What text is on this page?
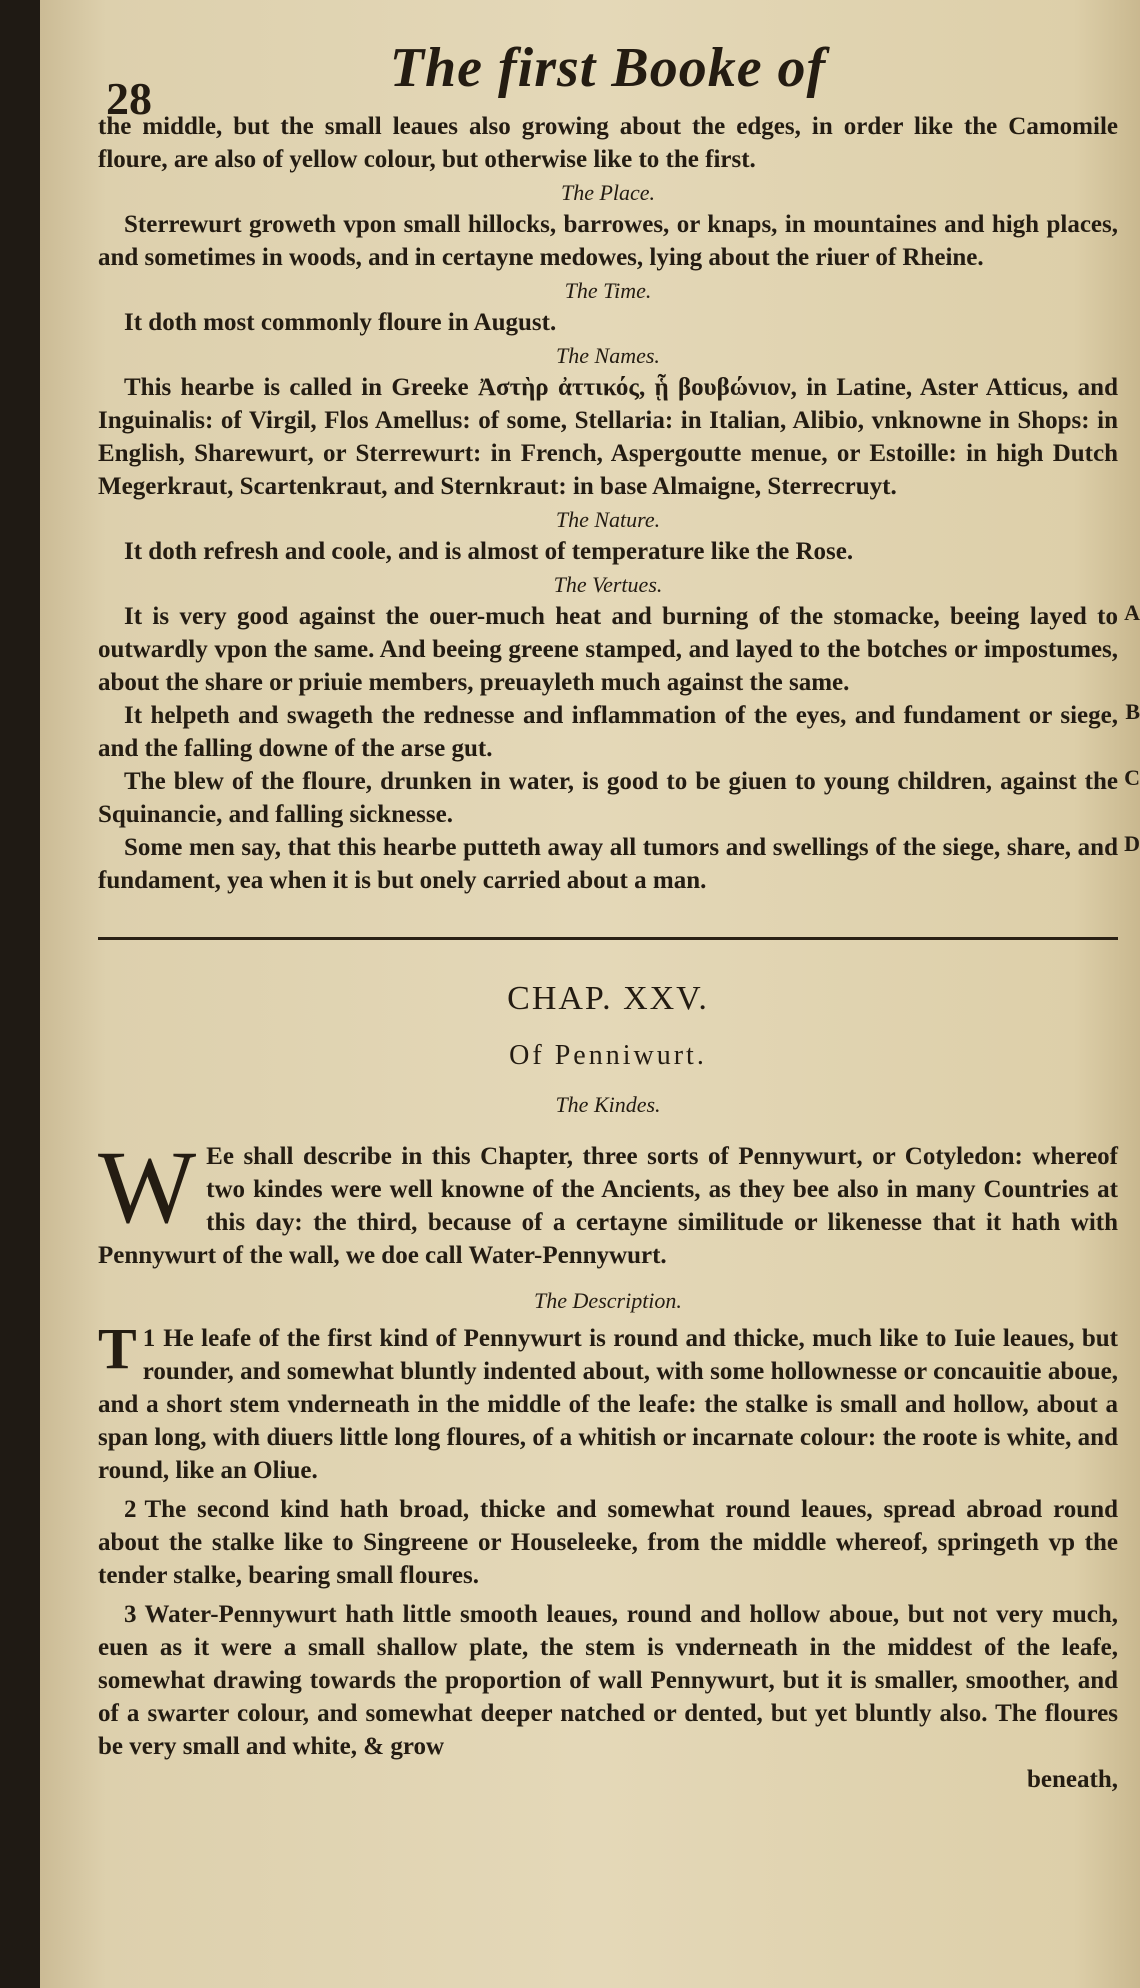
28	The first Booke of

the middle, but the small leaues also growing about the edges, in order like the Camomile floure, are also of yellow colour, but otherwise like to the first.

The Place.

Sterrewurt groweth vpon small hillocks, barrowes, or knaps, in mountaines and high places, and sometimes in woods, and in certayne medowes, lying about the riuer of Rheine.

The Time.

It doth most commonly floure in August.

The Names.

This hearbe is called in Greeke Ἀστὴρ ἀττικός, ᾗ βουβώνιον, in Latine, Aster Atticus, and Inguinalis: of Virgil, Flos Amellus: of some, Stellaria: in Italian, Alibio, vnknowne in Shops: in English, Sharewurt, or Sterrewurt: in French, Aspergoutte menue, or Estoille: in high Dutch Megerkraut, Scartenkraut, and Sternkraut: in base Almaigne, Sterrecruyt.

The Nature.

It doth refresh and coole, and is almost of temperature like the Rose.

The Vertues.
A

It is very good against the ouer-much heat and burning of the stomacke, beeing layed to outwardly vpon the same. And beeing greene stamped, and layed to the botches or impostumes, about the share or priuie members, preuayleth much against the same.

B

It helpeth and swageth the rednesse and inflammation of the eyes, and fundament or siege, and the falling downe of the arse gut.

C

The blew of the floure, drunken in water, is good to be giuen to young children, against the Squinancie, and falling sicknesse.

D

Some men say, that this hearbe putteth away all tumors and swellings of the siege, share, and fundament, yea when it is but onely carried about a man.

CHAP. XXV.
Of Penniwurt.
The Kindes.
W Ee shall describe in this Chapter, three sorts of Pennywurt, or Cotyledon: whereof two kindes were well knowne of the Ancients, as they bee also in many Countries at this day: the third, because of a certayne similitude or likenesse that it hath with Pennywurt of the wall, we doe call Water-Pennywurt.

The Description.

1
T He leafe of the first kind of Pennywurt is round and thicke, much like to Iuie leaues, but rounder, and somewhat bluntly indented about, with some hollownesse or concauitie aboue, and a short stem vnderneath in the middle of the leafe: the stalke is small and hollow, about a span long, with diuers little long floures, of a whitish or incarnate colour: the roote is white, and round, like an Oliue.

2 The second kind hath broad, thicke and somewhat round leaues, spread abroad round about the stalke like to Singreene or Houseleeke, from the middle whereof, springeth vp the tender stalke, bearing small floures.

3 Water-Pennywurt hath little smooth leaues, round and hollow aboue, but not very much, euen as it were a small shallow plate, the stem is vnderneath in the middest of the leafe, somewhat drawing towards the proportion of wall Pennywurt, but it is smaller, smoother, and of a swarter colour, and somewhat deeper natched or dented, but yet bluntly also. The floures be very small and white, & grow

beneath,
